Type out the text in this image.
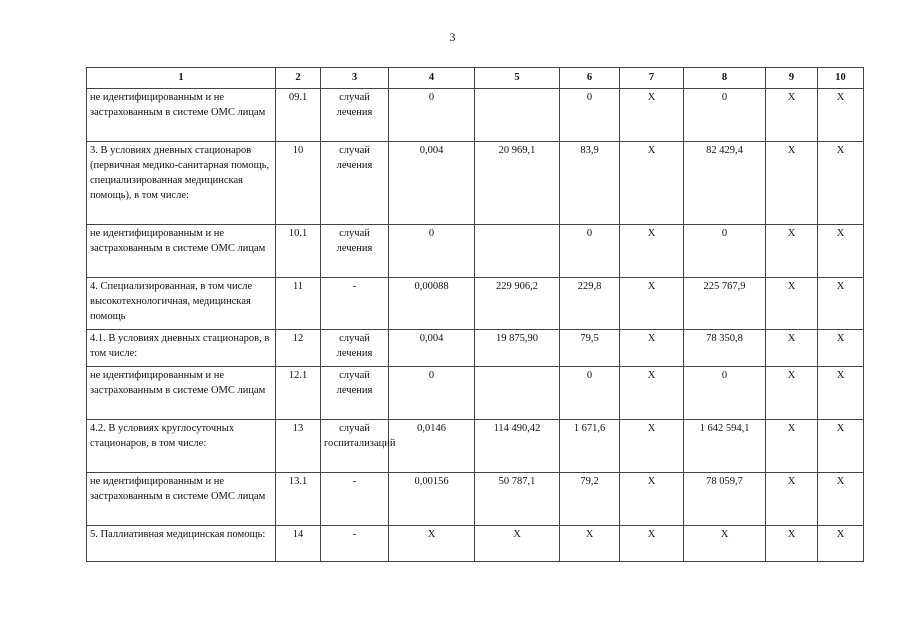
3
1	2	3	4	5	6	7	8	9	10
не идентифицированным и не застрахованным в системе ОМС лицам	09.1	случай лечения	0		0	X	0	X	X
3. В условиях дневных стационаров (первичная медико-санитарная помощь, специализированная медицинская помощь), в том числе:	10	случай лечения	0,004	20 969,1	83,9	X	82 429,4	X	X
не идентифицированным и не застрахованным в системе ОМС лицам	10.1	случай лечения	0		0	X	0	X	X
4. Специализированная, в том числе высокотехнологичная, медицинская помощь	11	-	0,00088	229 906,2	229,8	X	225 767,9	X	X
4.1. В условиях дневных стационаров, в том числе:	12	случай лечения	0,004	19 875,90	79,5	X	78 350,8	X	X
не идентифицированным и не застрахованным в системе ОМС лицам	12.1	случай лечения	0		0	X	0	X	X
4.2. В условиях круглосуточных стационаров, в том числе:	13	случай госпитализаций	0,0146	114 490,42	1 671,6	X	1 642 594,1	X	X
не идентифицированным и не застрахованным в системе ОМС лицам	13.1	-	0,00156	50 787,1	79,2	X	78 059,7	X	X
5. Паллиативная медицинская помощь:	14	-	X	X	X	X	X	X	X
